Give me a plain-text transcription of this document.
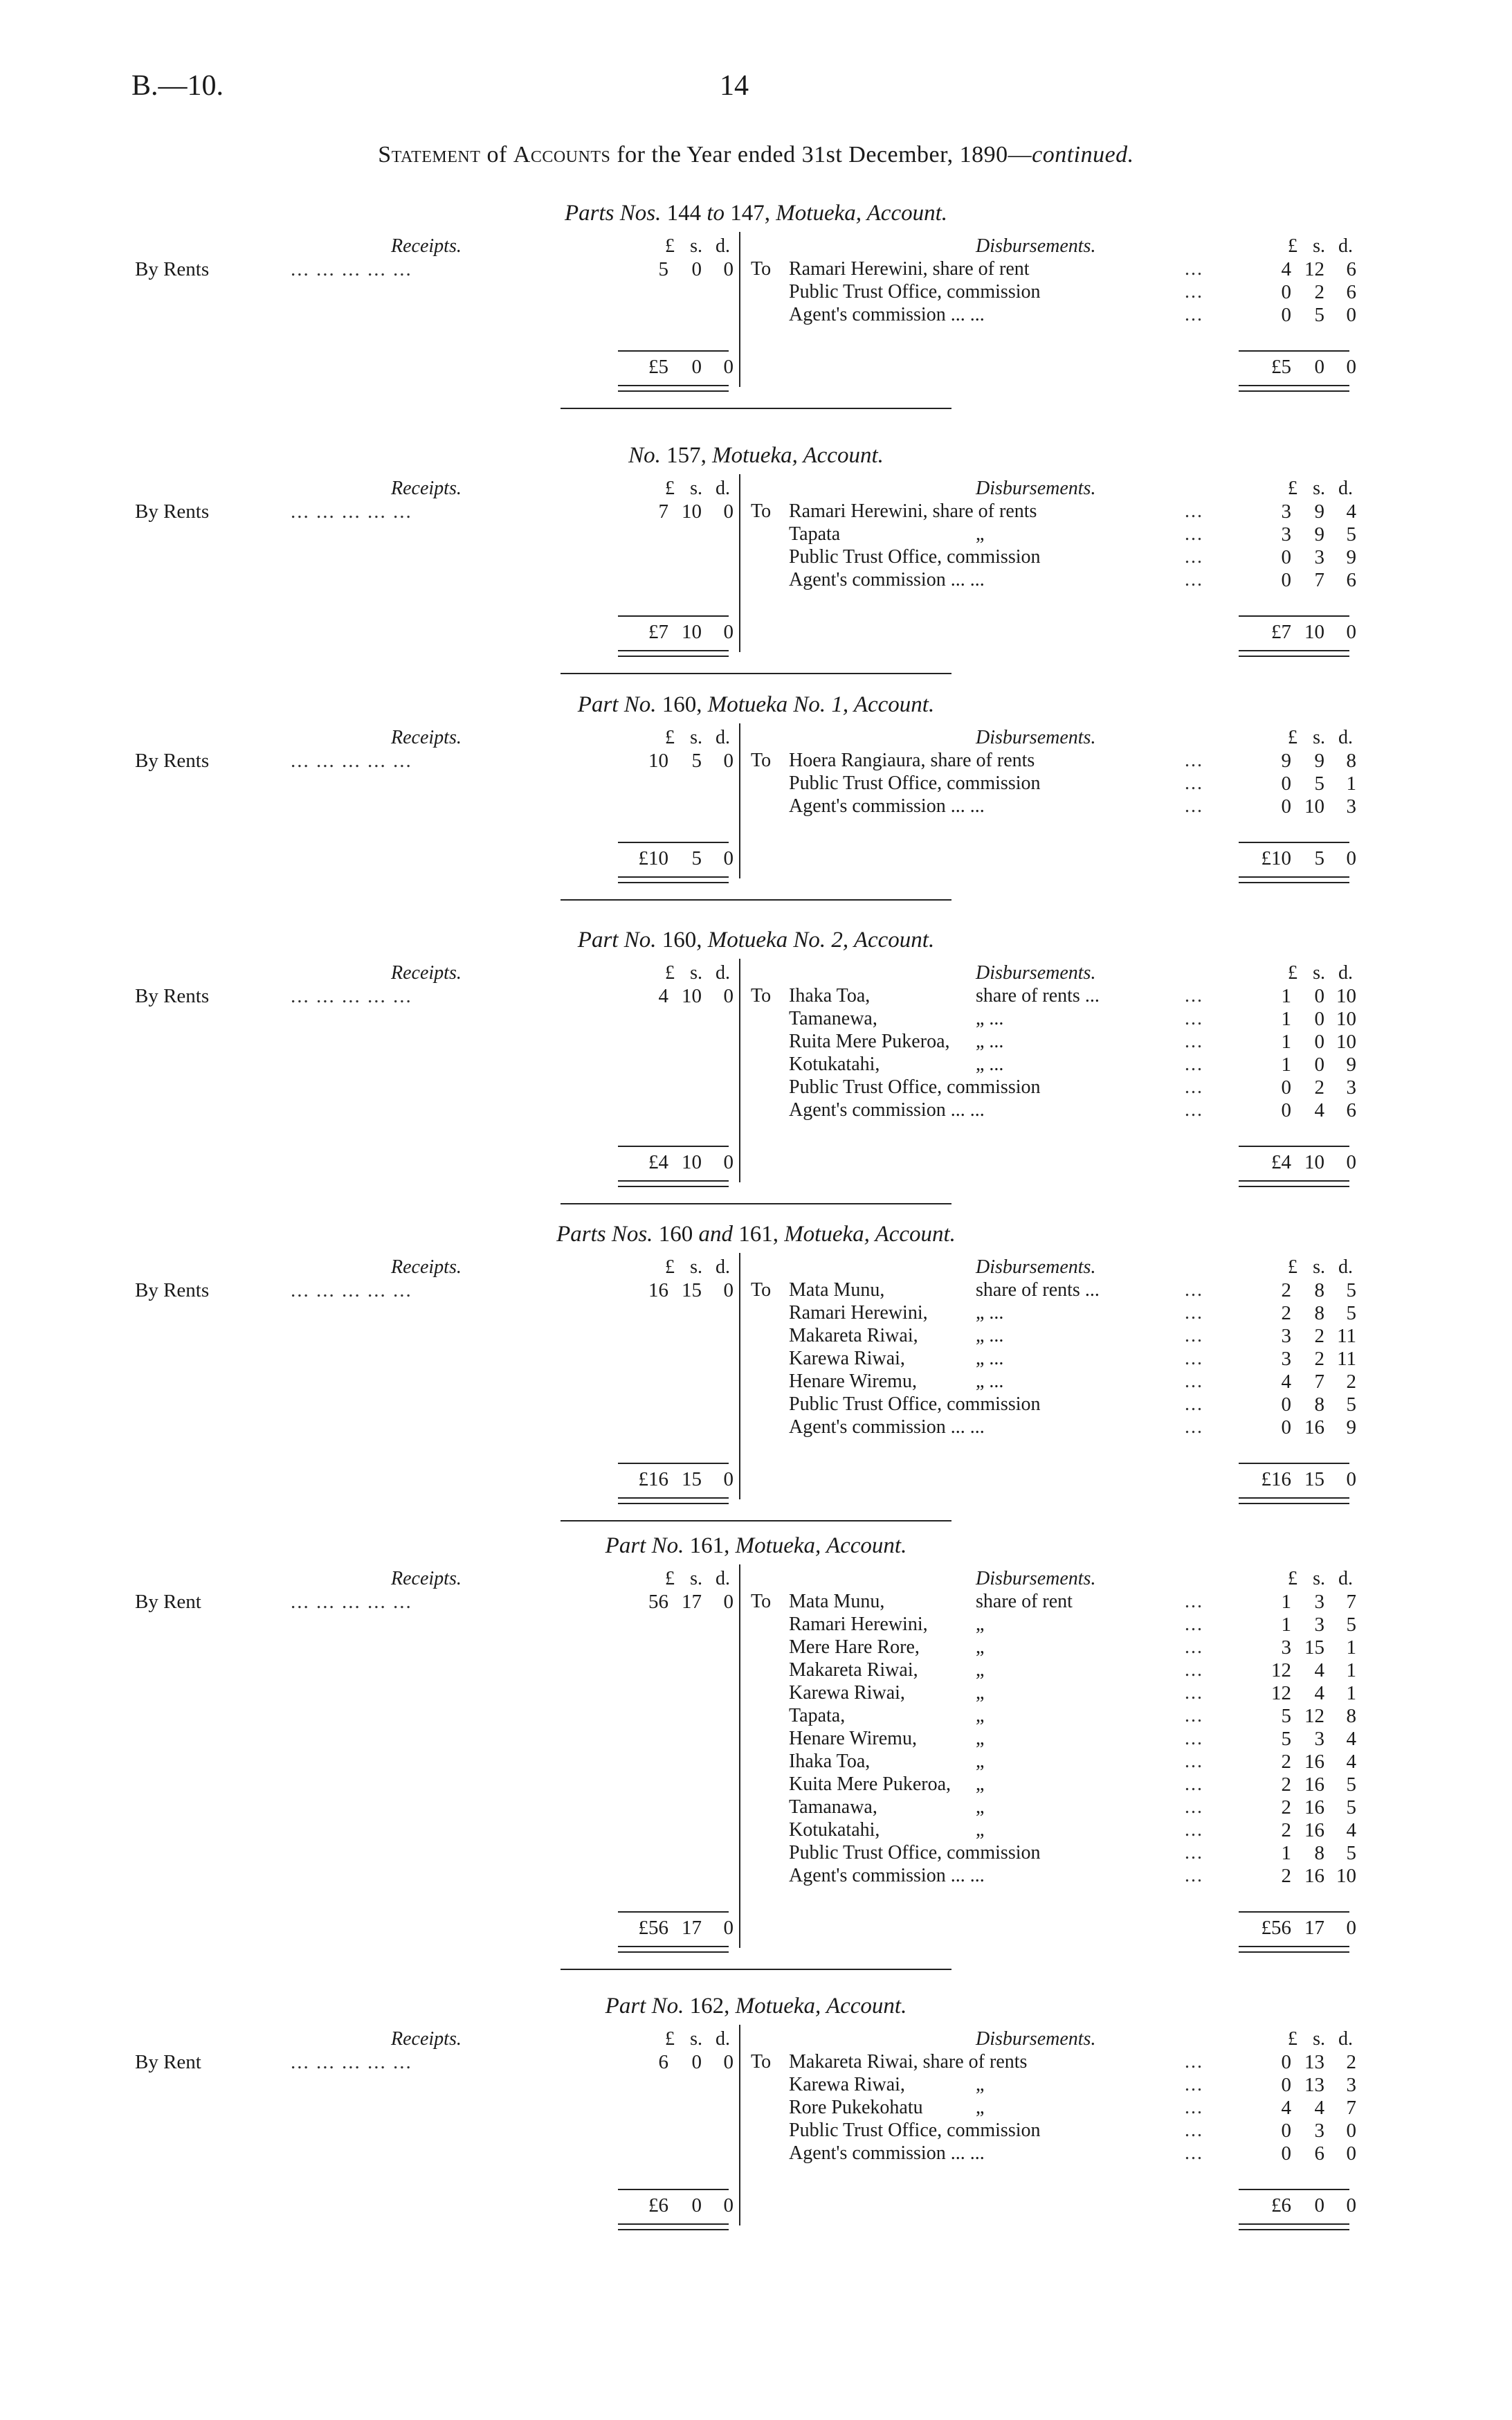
B.—10.	14
Statement of Accounts for the Year ended 31st December, 1890—continued.
Parts Nos. 144 to 147, Motueka, Account.
Receipts.	£ s. d.	Disbursements.	£ s. d.
By Rents	... ... ... ... ...	5 0 0 To Ramari Herewini, share of rent	...	4 12 6
Public Trust Office, commission	...	0 2 6
Agent's commission ... ...	...	0 5 0
£5 0 0	£5 0 0
No. 157, Motueka, Account.
Receipts.	£ s. d.	Disbursements.	£ s. d.
By Rents	... ... ... ... ...	7 10 0 To Ramari Herewini, share of rents	...	3 9 4
Tapata	„	...	3 9 5
Public Trust Office, commission	...	0 3 9
Agent's commission ... ...	...	0 7 6
£7 10 0	£7 10 0
Part No. 160, Motueka No. 1, Account.
Receipts.	£ s. d.	Disbursements.	£ s. d.
By Rents	... ... ... ... ...	10 5 0 To Hoera Rangiaura, share of rents	...	9 9 8
Public Trust Office, commission	...	0 5 1
Agent's commission ... ...	...	0 10 3
£10 5 0	£10 5 0
Part No. 160, Motueka No. 2, Account.
Receipts.	£ s. d.	Disbursements.	£ s. d.
By Rents	... ... ... ... ...	4 10 0 To Ihaka Toa,	share of rents ...	...	1 0 10
Tamanewa,	„ ...	...	1 0 10
Ruita Mere Pukeroa, „ ...	...	1 0 10
Kotukatahi,	„ ...	...	1 0 9
Public Trust Office, commission	...	0 2 3
Agent's commission ... ...	...	0 4 6
£4 10 0	£4 10 0
Parts Nos. 160 and 161, Motueka, Account.
Receipts.	£ s. d.	Disbursements.	£ s. d.
By Rents	... ... ... ... ...	16 15 0 To Mata Munu,	share of rents ...	...	2 8 5
Ramari Herewini, „ ...	...	2 8 5
Makareta Riwai,	„ ...	...	3 2 11
Karewa Riwai,	„ ...	...	3 2 11
Henare Wiremu,	„ ...	...	4 7 2
Public Trust Office, commission	...	0 8 5
Agent's commission ... ...	...	0 16 9
£16 15 0	£16 15 0
Part No. 161, Motueka, Account.
Receipts.	£ s. d.	Disbursements.	£ s. d.
By Rent	... ... ... ... ...	56 17 0 To Mata Munu,	share of rent	...	1 3 7
Ramari Herewini, „	...	1 3 5
Mere Hare Rore,	„	...	3 15 1
Makareta Riwai,	„	...	12 4 1
Karewa Riwai,	„	...	12 4 1
Tapata,	„	...	5 12 8
Henare Wiremu,	„	...	5 3 4
Ihaka Toa,	„	...	2 16 4
Kuita Mere Pukeroa, „	...	2 16 5
Tamanawa,	„	...	2 16 5
Kotukatahi,	„	...	2 16 4
Public Trust Office, commission	...	1 8 5
Agent's commission ... ...	...	2 16 10
£56 17 0	£56 17 0
Part No. 162, Motueka, Account.
Receipts.	£ s. d.	Disbursements.	£ s. d.
By Rent	... ... ... ... ...	6 0 0 To Makareta Riwai, share of rents	...	0 13 2
Karewa Riwai,	„	...	0 13 3
Rore Pukekohatu	„	...	4 4 7
Public Trust Office, commission	...	0 3 0
Agent's commission ... ...	...	0 6 0
£6 0 0	£6 0 0
